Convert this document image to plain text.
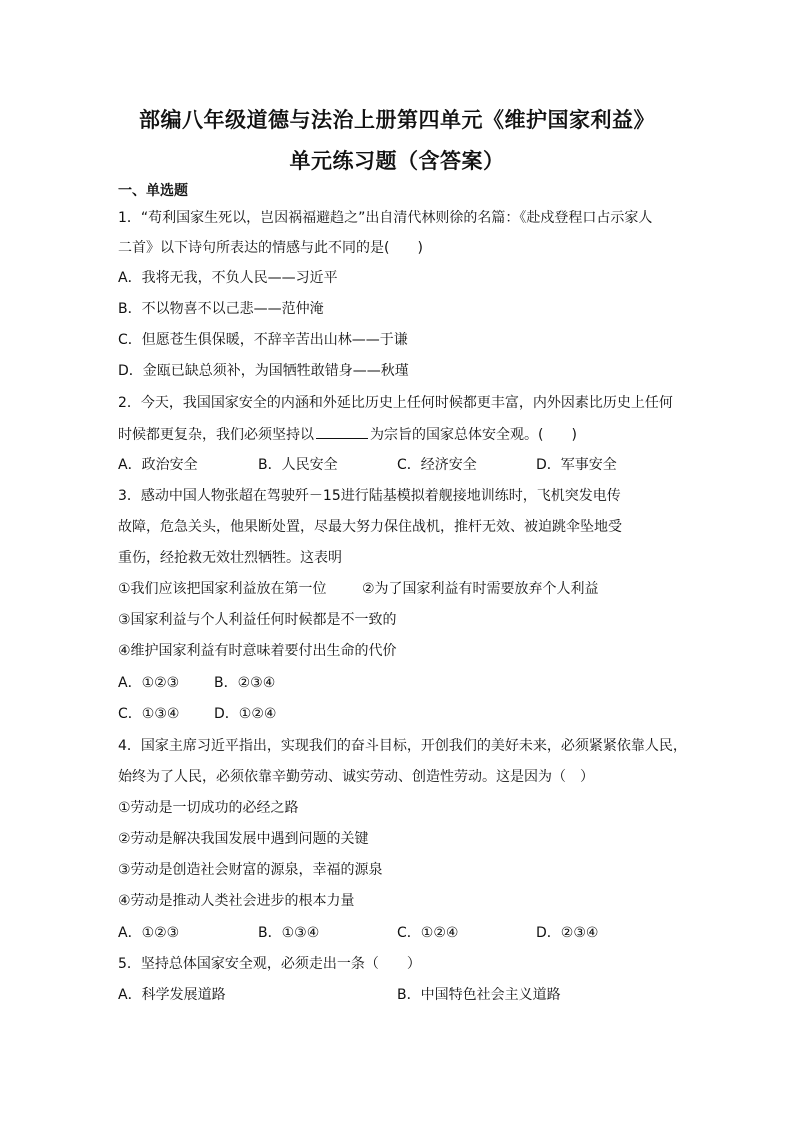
部编八年级道德与法治上册第四单元《维护国家利益》
单元练习题（含答案）
一、单选题
1．“苟利国家生死以，岂因祸福避趋之”出自清代林则徐的名篇：《赴戍登程口占示家人
二首》以下诗句所表达的情感与此不同的是(　　)
A．我将无我，不负人民——习近平
B．不以物喜不以己悲——范仲淹
C．但愿苍生俱保暖，不辞辛苦出山林——于谦
D．金瓯已缺总须补，为国牺牲敢错身——秋瑾
2．今天，我国国家安全的内涵和外延比历史上任何时候都更丰富，内外因素比历史上任何
时候都更复杂，我们必须坚持以	为宗旨的国家总体安全观。(　　)
A．政治安全	B．人民安全	C．经济安全	D．军事安全
3．感动中国人物张超在驾驶歼－15进行陆基模拟着舰接地训练时，飞机突发电传
故障，危急关头，他果断处置，尽最大努力保住战机，推杆无效、被迫跳伞坠地受
重伤，经抢救无效壮烈牺牲。这表明
①我们应该把国家利益放在第一位	②为了国家利益有时需要放弃个人利益
③国家利益与个人利益任何时候都是不一致的
④维护国家利益有时意味着要付出生命的代价
A．①②③ B．②③④
C．①③④ D．①②④
4．国家主席习近平指出，实现我们的奋斗目标，开创我们的美好未来，必须紧紧依靠人民，
始终为了人民，必须依靠辛勤劳动、诚实劳动、创造性劳动。这是因为（　）
①劳动是一切成功的必经之路
②劳动是解决我国发展中遇到问题的关键
③劳动是创造社会财富的源泉，幸福的源泉
④劳动是推动人类社会进步的根本力量
A．①②③	B．①③④	C．①②④	D．②③④
5．坚持总体国家安全观，必须走出一条（　　）
A．科学发展道路	B．中国特色社会主义道路
